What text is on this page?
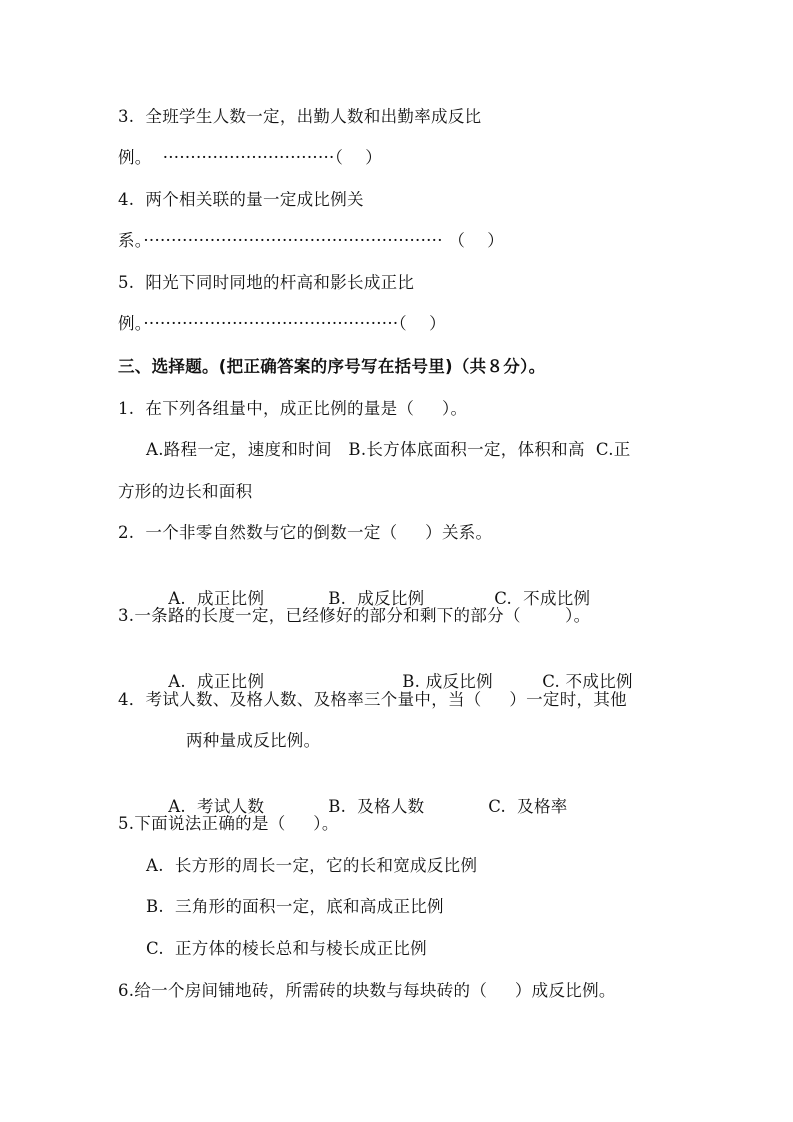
3.  全班学生人数一定，出勤人数和出勤率成反比
例。  ·······························（    ）
4.  两个相关联的量一定成比例关
系。······················································ （    ）
5.  阳光下同时同地的杆高和影长成正比
例。··············································（    ）
三、选择题。(把正确答案的序号写在括号里)（共８分）。
1.  在下列各组量中，成正比例的量是（     ）。
A.路程一定，速度和时间   B.长方体底面积一定，体积和高  C.正
方形的边长和面积
2.  一个非零自然数与它的倒数一定（     ）关系。

A.  成正比例	B.  成反比例	C.  不成比例

3.一条路的长度一定，已经修好的部分和剩下的部分（        ）。

A.  成正比例	B. 成反比例	C. 不成比例

4．考试人数、及格人数、及格率三个量中，当（     ）一定时，其他
两种量成反比例。

A.  考试人数	B.  及格人数	C.  及格率

5.下面说法正确的是（     ）。
A.  长方形的周长一定，它的长和宽成反比例
B.  三角形的面积一定，底和高成正比例
C.  正方体的棱长总和与棱长成正比例
6.给一个房间铺地砖，所需砖的块数与每块砖的（     ）成反比例。
